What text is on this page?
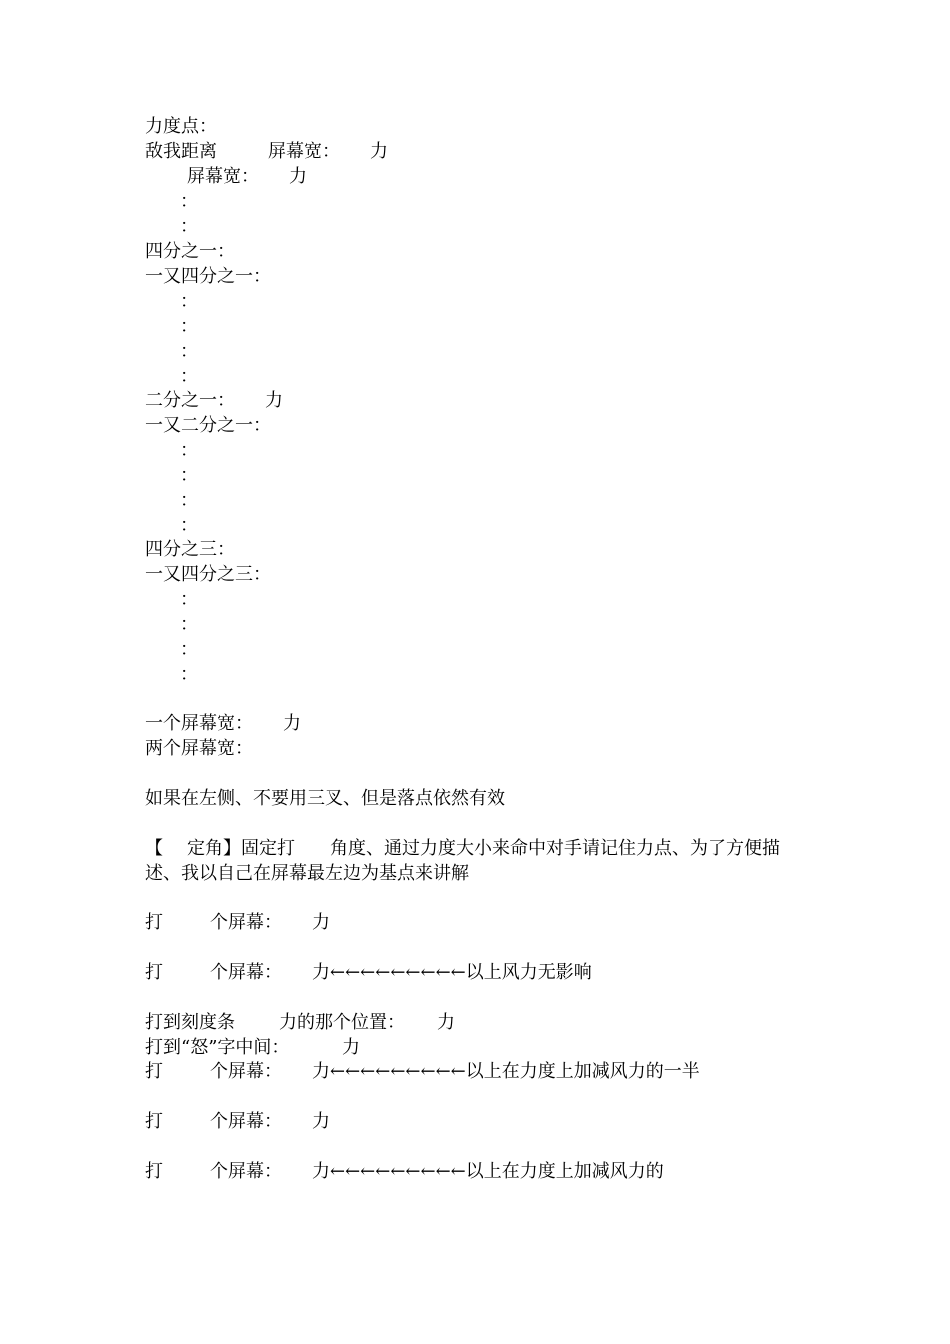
力度点：
敌我距离	屏幕宽： 力
屏幕宽： 力
：
：
四分之一：
一又四分之一：
：
：
：
：
二分之一： 力
一又二分之一：
：
：
：
：
四分之三：
一又四分之三：
：
：
：
：
一个屏幕宽： 力
两个屏幕宽：
如果在左侧、不要用三叉、但是落点依然有效
【 定角】固定打 角度、通过力度大小来命中对手请记住力点、为了方便描
述、我以自己在屏幕最左边为基点来讲解
打	个屏幕： 力
打	个屏幕： 力←←←←←←←←←以上风力无影响
打到刻度条 力的那个位置： 力
打到“怒”字中间：	力
打	个屏幕： 力←←←←←←←←←以上在力度上加减风力的一半
打	个屏幕： 力
打	个屏幕： 力←←←←←←←←←以上在力度上加减风力的
